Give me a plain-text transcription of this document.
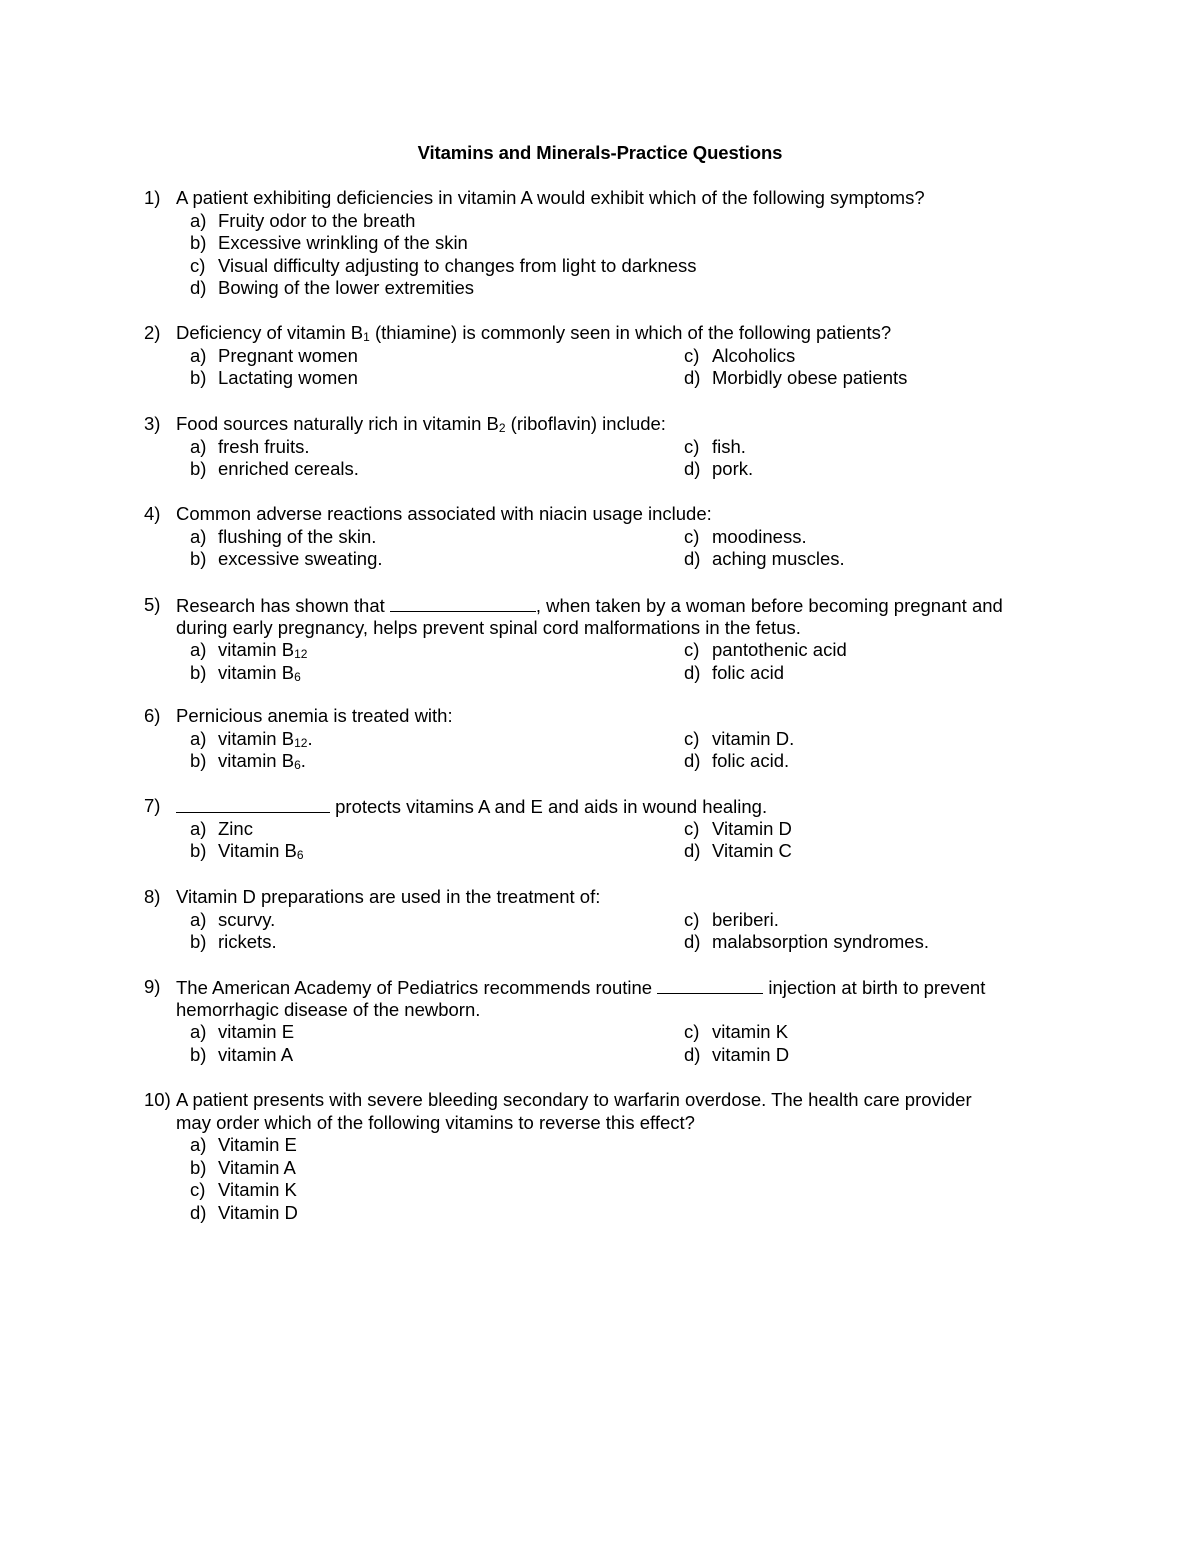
Vitamins and Minerals-Practice Questions
1) A patient exhibiting deficiencies in vitamin A would exhibit which of the following symptoms?
a) Fruity odor to the breath
b) Excessive wrinkling of the skin
c) Visual difficulty adjusting to changes from light to darkness
d) Bowing of the lower extremities
2) Deficiency of vitamin $B_1$ (thiamine) is commonly seen in which of the following patients?
a) Pregnant women	c) Alcoholics
b) Lactating women	d) Morbidly obese patients
3) Food sources naturally rich in vitamin $B_2$ (riboflavin) include:
a) fresh fruits.	c) fish.
b) enriched cereals.	d) pork.
4) Common adverse reactions associated with niacin usage include:
a) flushing of the skin.	c) moodiness.
b) excessive sweating.	d) aching muscles.
5) Research has shown that	, when taken by a woman before becoming pregnant and
during early pregnancy, helps prevent spinal cord malformations in the fetus.
a) vitamin $B_{12}$	c) pantothenic acid
b) vitamin $B_6$	d) folic acid
6) Pernicious anemia is treated with:
a) vitamin $B_{12}$.	c) vitamin D.
b) vitamin $B_6$.	d) folic acid.
7)	protects vitamins A and E and aids in wound healing.
a) Zinc	c) Vitamin D
b) Vitamin $B_6$	d) Vitamin C
8) Vitamin D preparations are used in the treatment of:
a) scurvy.	c) beriberi.
b) rickets.	d) malabsorption syndromes.
9) The American Academy of Pediatrics recommends routine	injection at birth to prevent
hemorrhagic disease of the newborn.
a) vitamin E	c) vitamin K
b) vitamin A	d) vitamin D
10) A patient presents with severe bleeding secondary to warfarin overdose. The health care provider
may order which of the following vitamins to reverse this effect?
a) Vitamin E
b) Vitamin A
c) Vitamin K
d) Vitamin D
